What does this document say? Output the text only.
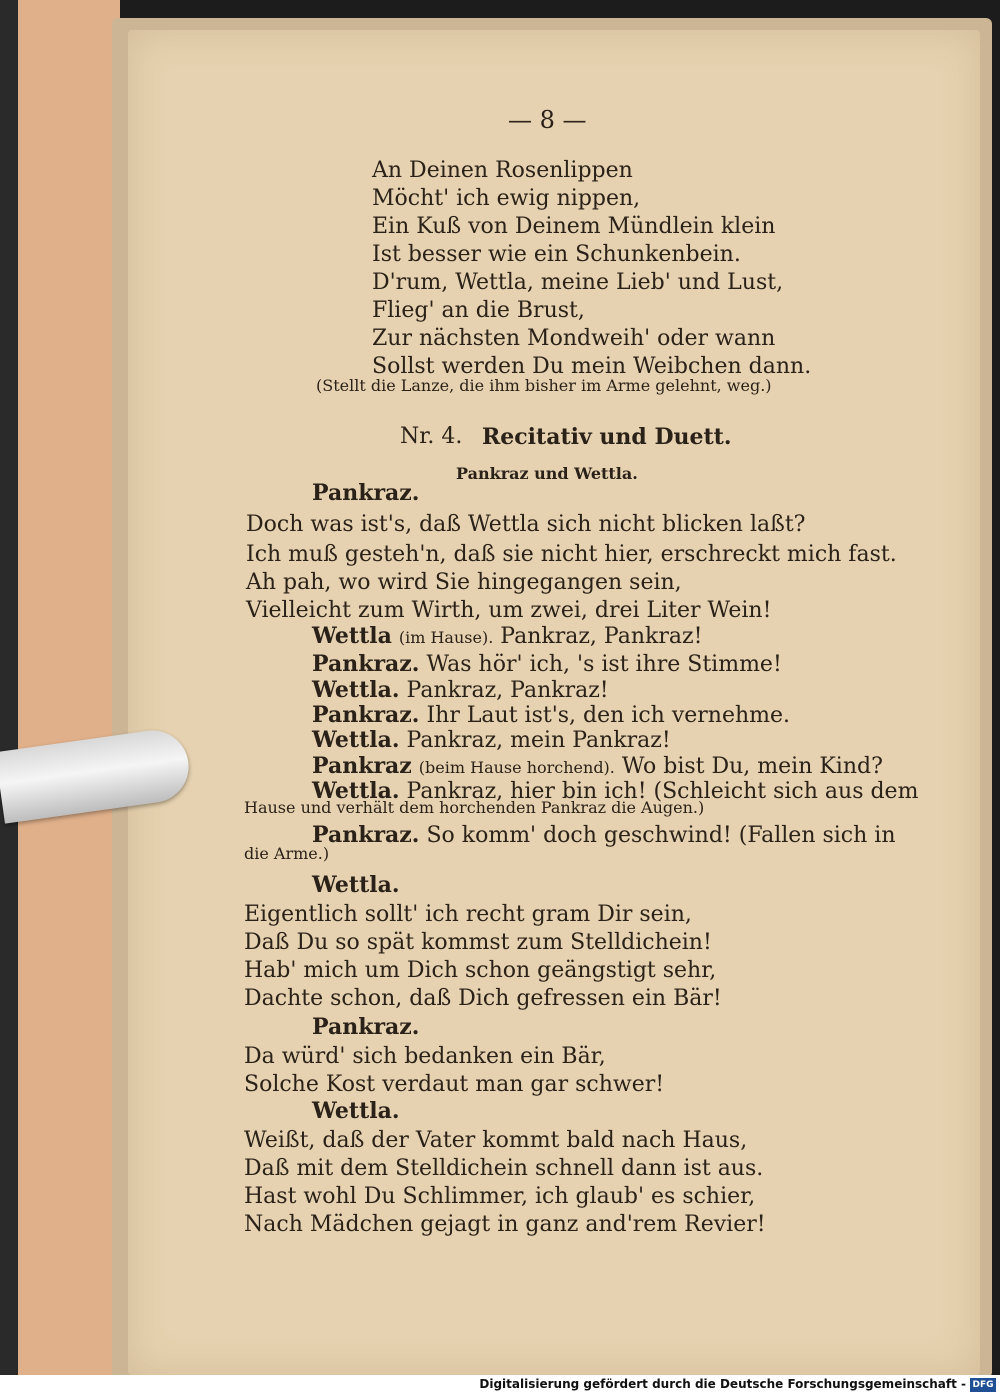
— 8 —
An Deinen Rosenlippen
Möcht' ich ewig nippen,
Ein Kuß von Deinem Mündlein klein
Ist besser wie ein Schunkenbein.
D'rum, Wettla, meine Lieb' und Lust,
Flieg' an die Brust,
Zur nächsten Mondweih' oder wann
Sollst werden Du mein Weibchen dann.
(Stellt die Lanze, die ihm bisher im Arme gelehnt, weg.)
Nr. 4. Recitativ und Duett.
Pankraz und Wettla.
Pankraz.
Doch was ist's, daß Wettla sich nicht blicken laßt?
Ich muß gesteh'n, daß sie nicht hier, erschreckt mich fast.
Ah pah, wo wird Sie hingegangen sein,
Vielleicht zum Wirth, um zwei, drei Liter Wein!
Wettla (im Hause). Pankraz, Pankraz!
Pankraz. Was hör' ich, 's ist ihre Stimme!
Wettla. Pankraz, Pankraz!
Pankraz. Ihr Laut ist's, den ich vernehme.
Wettla. Pankraz, mein Pankraz!
Pankraz (beim Hause horchend). Wo bist Du, mein Kind?
Wettla. Pankraz, hier bin ich! (Schleicht sich aus dem
Hause und verhält dem horchenden Pankraz die Augen.)
Pankraz. So komm' doch geschwind! (Fallen sich in
die Arme.)
Wettla.
Eigentlich sollt' ich recht gram Dir sein,
Daß Du so spät kommst zum Stelldichein!
Hab' mich um Dich schon geängstigt sehr,
Dachte schon, daß Dich gefressen ein Bär!
Pankraz.
Da würd' sich bedanken ein Bär,
Solche Kost verdaut man gar schwer!
Wettla.
Weißt, daß der Vater kommt bald nach Haus,
Daß mit dem Stelldichein schnell dann ist aus.
Hast wohl Du Schlimmer, ich glaub' es schier,
Nach Mädchen gejagt in ganz and'rem Revier!
Digitalisierung gefördert durch die Deutsche Forschungsgemeinschaft - DFG
